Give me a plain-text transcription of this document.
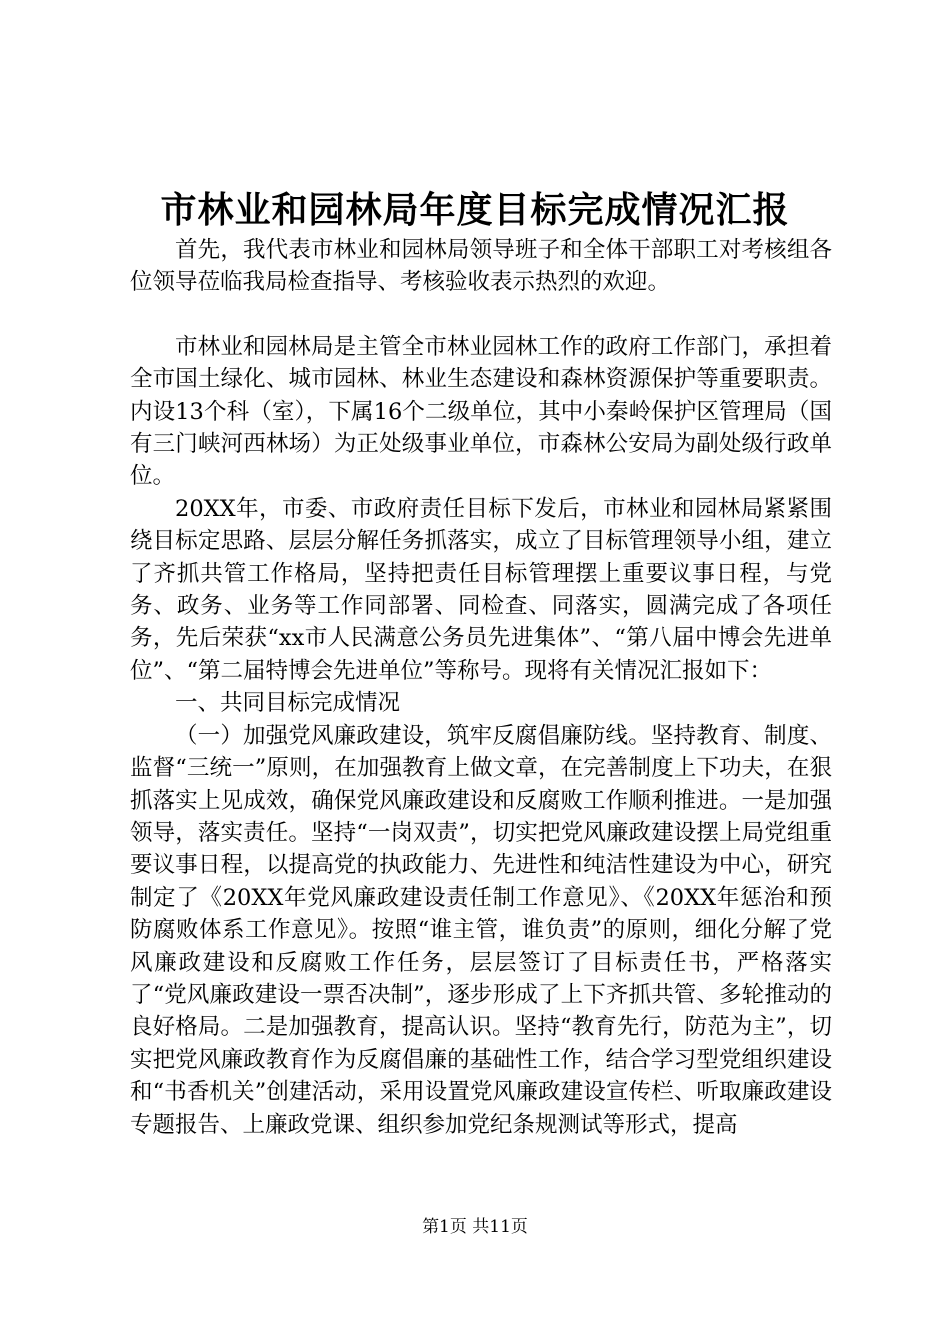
市林业和园林局年度目标完成情况汇报

首先，我代表市林业和园林局领导班子和全体干部职工对考核组各位领导莅临我局检查指导、考核验收表示热烈的欢迎。

市林业和园林局是主管全市林业园林工作的政府工作部门，承担着全市国土绿化、城市园林、林业生态建设和森林资源保护等重要职责。内设13个科（室），下属16个二级单位，其中小秦岭保护区管理局（国有三门峡河西林场）为正处级事业单位，市森林公安局为副处级行政单位。

20XX年，市委、市政府责任目标下发后，市林业和园林局紧紧围绕目标定思路、层层分解任务抓落实，成立了目标管理领导小组，建立了齐抓共管工作格局，坚持把责任目标管理摆上重要议事日程，与党务、政务、业务等工作同部署、同检查、同落实，圆满完成了各项任务，先后荣获“xx市人民满意公务员先进集体”、“第八届中博会先进单位”、“第二届特博会先进单位”等称号。现将有关情况汇报如下：

一、共同目标完成情况

（一）加强党风廉政建设，筑牢反腐倡廉防线。坚持教育、制度、监督“三统一”原则，在加强教育上做文章，在完善制度上下功夫，在狠抓落实上见成效，确保党风廉政建设和反腐败工作顺利推进。一是加强领导，落实责任。坚持“一岗双责”，切实把党风廉政建设摆上局党组重要议事日程，以提高党的执政能力、先进性和纯洁性建设为中心，研究制定了《20XX年党风廉政建设责任制工作意见》、《20XX年惩治和预防腐败体系工作意见》。按照“谁主管，谁负责”的原则，细化分解了党风廉政建设和反腐败工作任务，层层签订了目标责任书，严格落实了“党风廉政建设一票否决制”，逐步形成了上下齐抓共管、多轮推动的良好格局。二是加强教育，提高认识。坚持“教育先行，防范为主”，切实把党风廉政教育作为反腐倡廉的基础性工作，结合学习型党组织建设和“书香机关”创建活动，采用设置党风廉政建设宣传栏、听取廉政建设专题报告、上廉政党课、组织参加党纪条规测试等形式，提高

第1页 共11页
